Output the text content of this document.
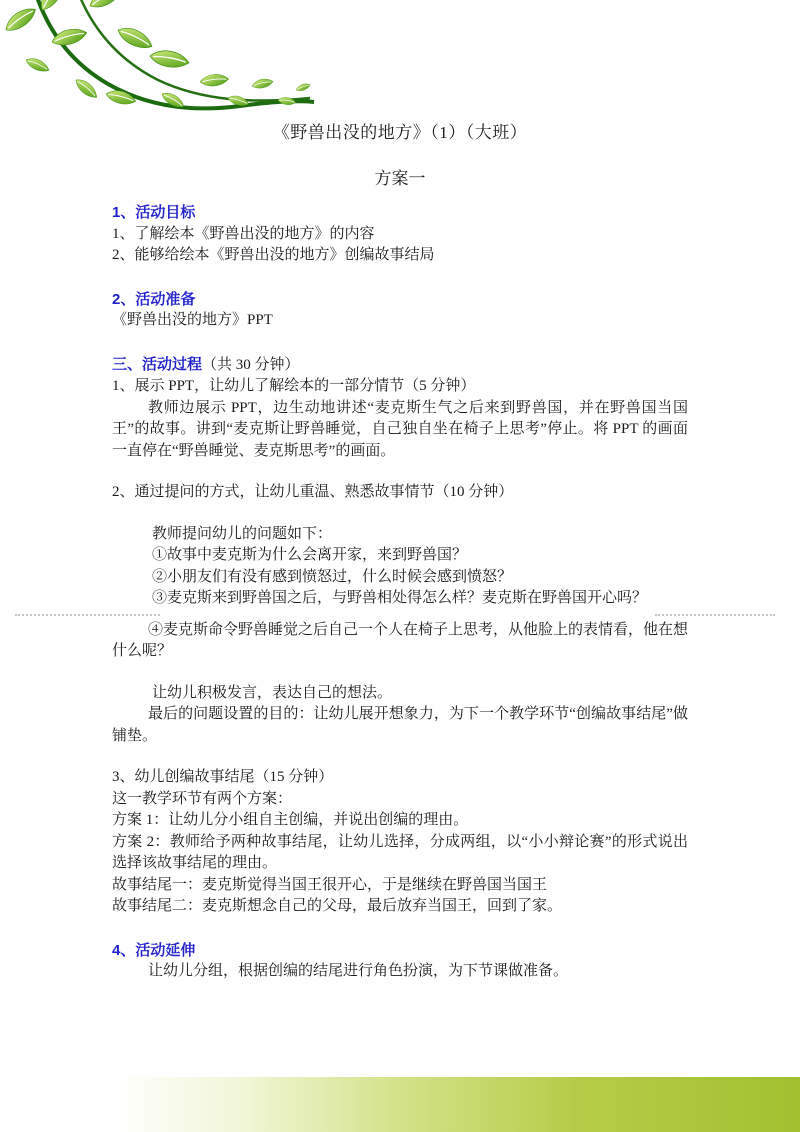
《野兽出没的地方》（1）（大班）
方案一
1、活动目标
1、了解绘本《野兽出没的地方》的内容
2、能够给绘本《野兽出没的地方》创编故事结局
2、活动准备
《野兽出没的地方》PPT
三、活动过程（共 30 分钟）
1、展示 PPT，让幼儿了解绘本的一部分情节（5 分钟）
教师边展示 PPT，边生动地讲述“麦克斯生气之后来到野兽国，并在野兽国当国王”的故事。讲到“麦克斯让野兽睡觉，自己独自坐在椅子上思考”停止。将 PPT 的画面一直停在“野兽睡觉、麦克斯思考”的画面。
2、通过提问的方式，让幼儿重温、熟悉故事情节（10 分钟）
教师提问幼儿的问题如下：
①故事中麦克斯为什么会离开家，来到野兽国？
②小朋友们有没有感到愤怒过，什么时候会感到愤怒？
③麦克斯来到野兽国之后，与野兽相处得怎么样？麦克斯在野兽国开心吗？
④麦克斯命令野兽睡觉之后自己一个人在椅子上思考，从他脸上的表情看，他在想什么呢？
让幼儿积极发言，表达自己的想法。
最后的问题设置的目的：让幼儿展开想象力，为下一个教学环节“创编故事结尾”做铺垫。
3、幼儿创编故事结尾（15 分钟）
这一教学环节有两个方案：
方案 1：让幼儿分小组自主创编，并说出创编的理由。
方案 2：教师给予两种故事结尾，让幼儿选择，分成两组，以“小小辩论赛”的形式说出选择该故事结尾的理由。
故事结尾一：麦克斯觉得当国王很开心，于是继续在野兽国当国王
故事结尾二：麦克斯想念自己的父母，最后放弃当国王，回到了家。
4、活动延伸
让幼儿分组，根据创编的结尾进行角色扮演，为下节课做准备。
